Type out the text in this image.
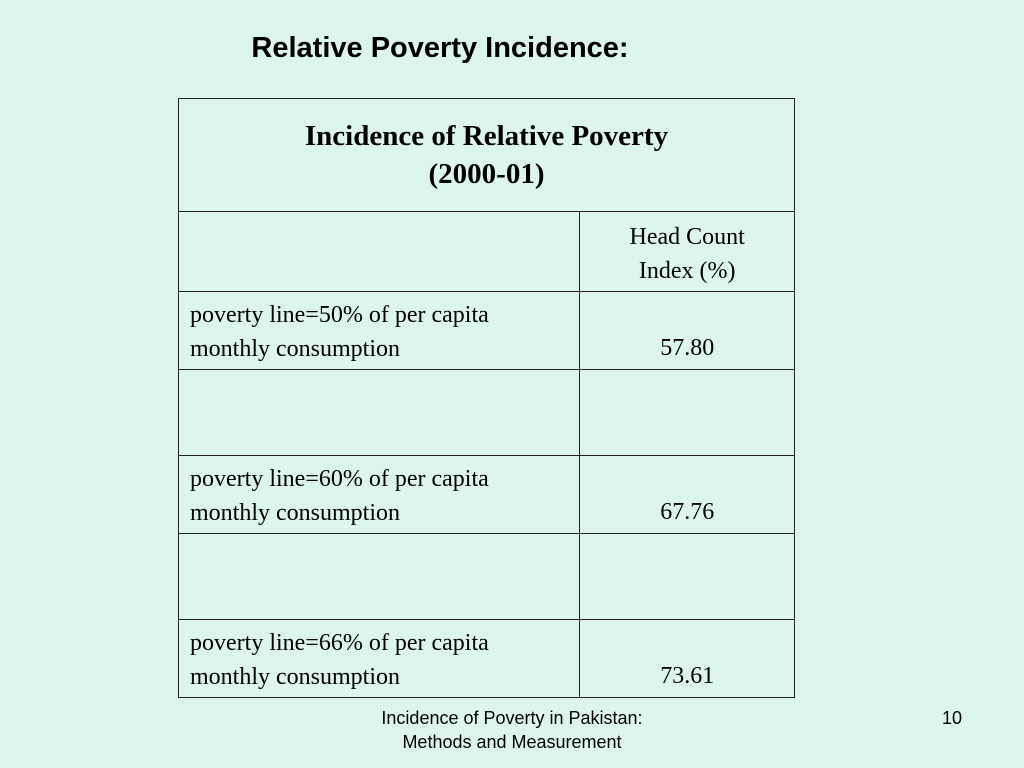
Relative Poverty Incidence:
Incidence of Relative Poverty
(2000-01)	

	Head Count
Index (%)

poverty line=50% of per capita
monthly consumption	57.80

poverty line=60% of per capita
monthly consumption	67.76

poverty line=66% of per capita
monthly consumption	73.61
Incidence of Poverty in Pakistan:
Methods and Measurement
10
